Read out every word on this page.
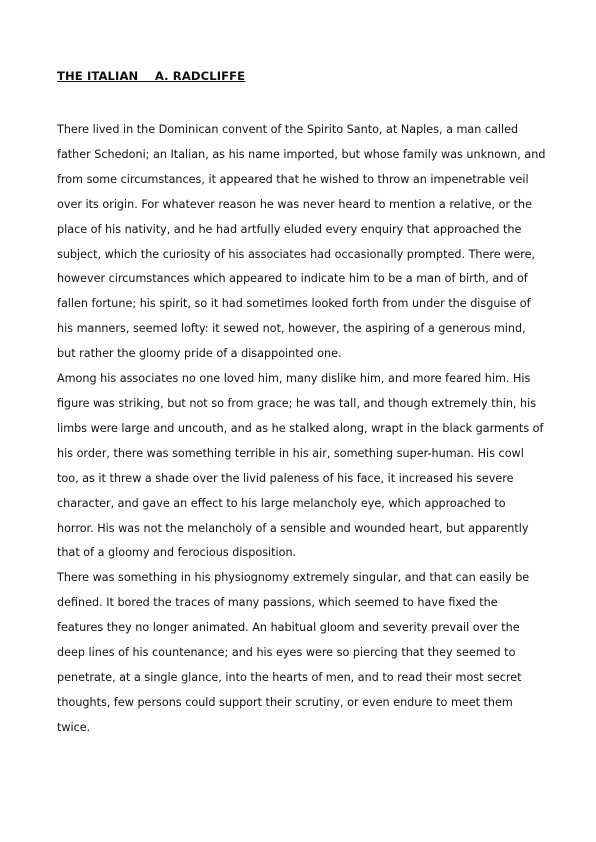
THE ITALIAN    A. RADCLIFFE
There lived in the Dominican convent of the Spirito Santo, at Naples, a man called
father Schedoni; an Italian, as his name imported, but whose family was unknown, and
from some circumstances, it appeared that he wished to throw an impenetrable veil
over its origin. For whatever reason he was never heard to mention a relative, or the
place of his nativity, and he had artfully eluded every enquiry that approached the
subject, which the curiosity of his associates had occasionally prompted. There were,
however circumstances which appeared to indicate him to be a man of birth, and of
fallen fortune; his spirit, so it had sometimes looked forth from under the disguise of
his manners, seemed lofty: it sewed not, however, the aspiring of a generous mind,
but rather the gloomy pride of a disappointed one.
Among his associates no one loved him, many dislike him, and more feared him. His
figure was striking, but not so from grace; he was tall, and though extremely thin, his
limbs were large and uncouth, and as he stalked along, wrapt in the black garments of
his order, there was something terrible in his air, something super-human. His cowl
too, as it threw a shade over the livid paleness of his face, it increased his severe
character, and gave an effect to his large melancholy eye, which approached to
horror. His was not the melancholy of a sensible and wounded heart, but apparently
that of a gloomy and ferocious disposition.
There was something in his physiognomy extremely singular, and that can easily be
defined. It bored the traces of many passions, which seemed to have fixed the
features they no longer animated. An habitual gloom and severity prevail over the
deep lines of his countenance; and his eyes were so piercing that they seemed to
penetrate, at a single glance, into the hearts of men, and to read their most secret
thoughts, few persons could support their scrutiny, or even endure to meet them
twice.
